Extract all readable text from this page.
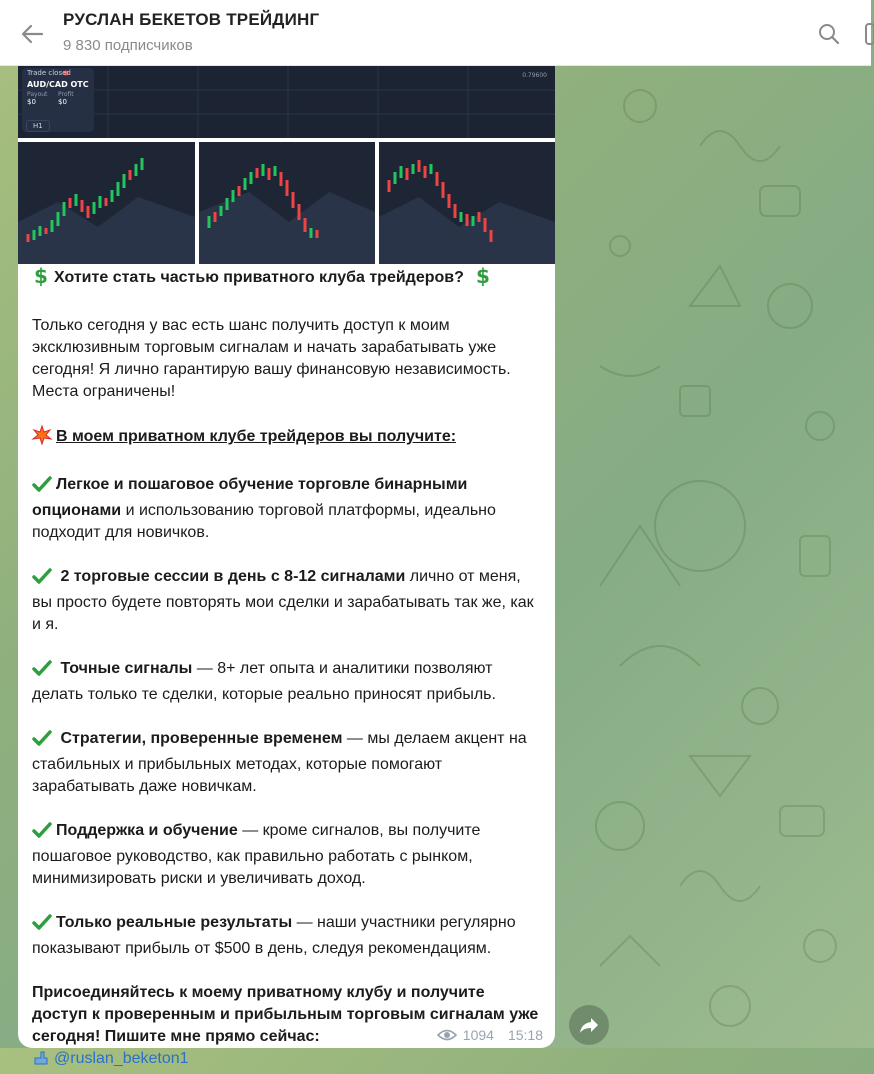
РУСЛАН БЕКЕТОВ ТРЕЙДИНГ
9 830 подписчиков
Trade closed
AUD/CAD OTC
Payout
$0
Profit
$0
H1
0.79600

$ Хотите стать частью приватного клуба трейдеров? $

Только сегодня у вас есть шанс получить доступ к моим эксклюзивным торговым сигналам и начать зарабатывать уже сегодня! Я лично гарантирую вашу финансовую независимость. Места ограничены!

В моем приватном клубе трейдеров вы получите:

Легкое и пошаговое обучение торговле бинарными опционами и использованию торговой платформы, идеально подходит для новичков.

2 торговые сессии в день с 8-12 сигналами лично от меня, вы просто будете повторять мои сделки и зарабатывать так же, как и я.

Точные сигналы — 8+ лет опыта и аналитики позволяют делать только те сделки, которые реально приносят прибыль.

Стратегии, проверенные временем — мы делаем акцент на стабильных и прибыльных методах, которые помогают зарабатывать даже новичкам.

Поддержка и обучение — кроме сигналов, вы получите пошаговое руководство, как правильно работать с рынком, минимизировать риски и увеличивать доход.

Только реальные результаты — наши участники регулярно показывают прибыль от $500 в день, следуя рекомендациям.

Присоединяйтесь к моему приватному клубу и получите доступ к проверенным и прибыльным торговым сигналам уже сегодня! Пишите мне прямо сейчас:

@ruslan_beketon1

1094 15:18
